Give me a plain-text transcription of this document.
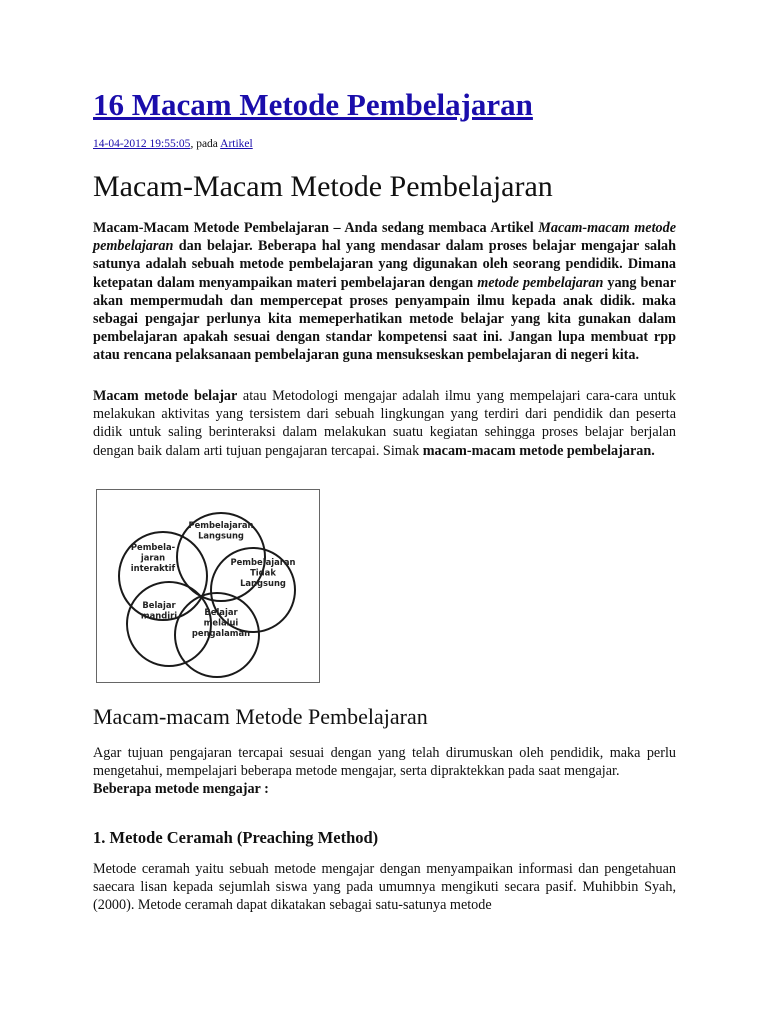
16 Macam Metode Pembelajaran
14-04-2012 19:55:05, pada Artikel
Macam-Macam Metode Pembelajaran

Macam-Macam Metode Pembelajaran – Anda sedang membaca Artikel Macam-macam metode pembelajaran dan belajar. Beberapa hal yang mendasar dalam proses belajar mengajar salah satunya adalah sebuah metode pembelajaran yang digunakan oleh seorang pendidik. Dimana ketepatan dalam menyampaikan materi pembelajaran dengan metode pembelajaran yang benar akan mempermudah dan mempercepat proses penyampain ilmu kepada anak didik. maka sebagai pengajar perlunya kita memeperhatikan metode belajar yang kita gunakan dalam pembelajaran apakah sesuai dengan standar kompetensi saat ini. Jangan lupa membuat rpp atau rencana pelaksanaan pembelajaran guna mensukseskan pembelajaran di negeri kita.

Macam metode belajar atau Metodologi mengajar adalah ilmu yang mempelajari cara-cara untuk melakukan aktivitas yang tersistem dari sebuah lingkungan yang terdiri dari pendidik dan peserta didik untuk saling berinteraksi dalam melakukan suatu kegiatan sehingga proses belajar berjalan dengan baik dalam arti tujuan pengajaran tercapai. Simak macam-macam metode pembelajaran.

Pembelajaran Langsung
Pembela-jaran interaktif
Pembelajaran Tidak Langsung
Belajar mandiri	Belajar melalui pengalaman
Macam-macam Metode Pembelajaran

Agar tujuan pengajaran tercapai sesuai dengan yang telah dirumuskan oleh pendidik, maka perlu mengetahui, mempelajari beberapa metode mengajar, serta dipraktekkan pada saat mengajar.
Beberapa metode mengajar :

1. Metode Ceramah (Preaching Method)

Metode ceramah yaitu sebuah metode mengajar dengan menyampaikan informasi dan pengetahuan saecara lisan kepada sejumlah siswa yang pada umumnya mengikuti secara pasif. Muhibbin Syah, (2000). Metode ceramah dapat dikatakan sebagai satu-satunya metode
